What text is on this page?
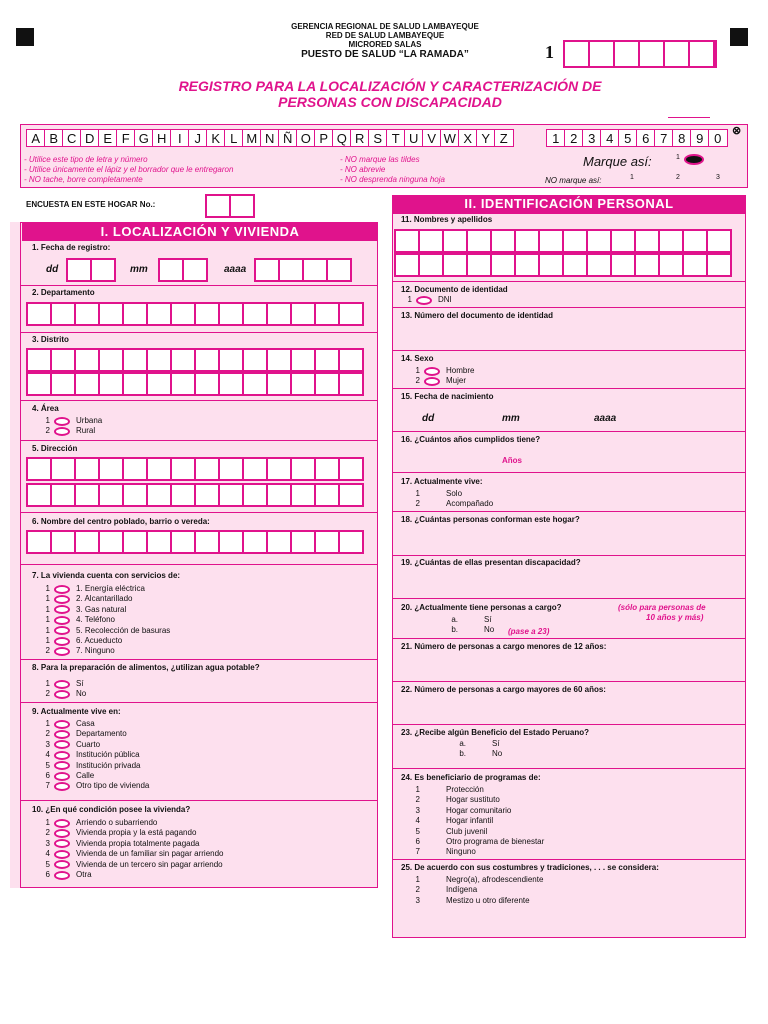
GERENCIA REGIONAL DE SALUD LAMBAYEQUE
RED DE SALUD LAMBAYEQUE
MICRORED SALAS
PUESTO DE SALUD “LA RAMADA”	1
REGISTRO PARA LA LOCALIZACIÓN Y CARACTERIZACIÓN DE
PERSONAS CON DISCAPACIDAD
A B C D E F G H I J K L M N Ñ O P Q R S T U V W X Y Z	1 2 3 4 5 6 7 8 9 0 ⊗
- Utilice este tipo de letra y número
- Utilice únicamente el lápiz y el borrador que le entregaron
- NO tache, borre completamente
- NO marque las tildes
- NO abrevie
- NO desprenda ninguna hoja
Marque así:	1
NO marque así:	1	2	3
ENCUESTA EN ESTE HOGAR No.:
I. LOCALIZACIÓN Y VIVIENDA
1. Fecha de registro:
dd	mm	aaaa
2. Departamento
3. Distrito
4. Área
1	Urbana
2	Rural
5. Dirección
6. Nombre del centro poblado, barrio o vereda:
7. La vivienda cuenta con servicios de:
1	1. Energía eléctrica
1	2. Alcantarillado
1	3. Gas natural
1	4. Teléfono
1	5. Recolección de basuras
1	6. Acueducto
2	7. Ninguno
8. Para la preparación de alimentos, ¿utilizan agua potable?
1	Sí
2	No
9. Actualmente vive en:
1	Casa
2	Departamento
3	Cuarto
4	Institución pública
5	Institución privada
6	Calle
7	Otro tipo de vivienda
10. ¿En qué condición posee la vivienda?
1	Arriendo o subarriendo
2	Vivienda propia y la está pagando
3	Vivienda propia totalmente pagada
4	Vivienda de un familiar sin pagar arriendo
5	Vivienda de un tercero sin pagar arriendo
6	Otra
II. IDENTIFICACIÓN PERSONAL
11. Nombres y apellidos
12. Documento de identidad
1	DNI
13. Número del documento de identidad
14. Sexo
1	Hombre
2	Mujer
15. Fecha de nacimiento
dd	mm	aaaa
16. ¿Cuántos años cumplidos tiene?
Años
17. Actualmente vive:
1	Solo
2	Acompañado
18. ¿Cuántas personas conforman este hogar?
19. ¿Cuántas de ellas presentan discapacidad?
20. ¿Actualmente tiene personas a cargo?	(sólo para personas de
10 años y más)
a.	Sí
b.	No (pase a 23)
21. Número de personas a cargo menores de 12 años:
22. Número de personas a cargo mayores de 60 años:
23. ¿Recibe algún Beneficio del Estado Peruano?
a.	Sí
b.	No
24. Es beneficiario de programas de:
1	Protección
2	Hogar sustituto
3	Hogar comunitario
4	Hogar infantil
5	Club juvenil
6	Otro programa de bienestar
7	Ninguno
25. De acuerdo con sus costumbres y tradiciones, . . . se considera:
1	Negro(a), afrodescendiente
2	Indígena
3	Mestizo u otro diferente
